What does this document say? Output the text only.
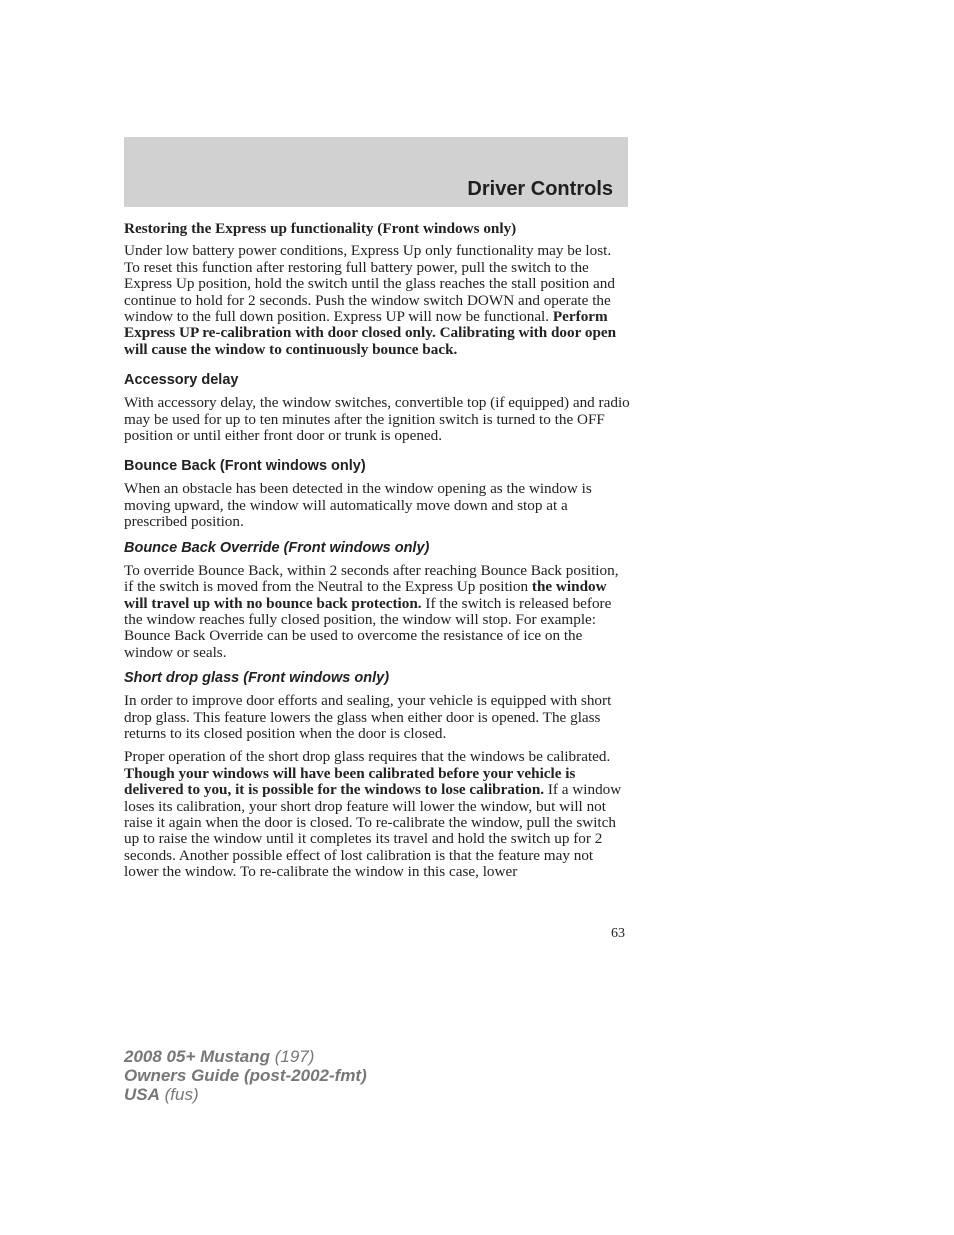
Driver Controls
Restoring the Express up functionality (Front windows only)

Under low battery power conditions, Express Up only functionality may be lost. To reset this function after restoring full battery power, pull the switch to the Express Up position, hold the switch until the glass reaches the stall position and continue to hold for 2 seconds. Push the window switch DOWN and operate the window to the full down position. Express UP will now be functional. Perform Express UP re-calibration with door closed only. Calibrating with door open will cause the window to continuously bounce back.

Accessory delay

With accessory delay, the window switches, convertible top (if equipped) and radio may be used for up to ten minutes after the ignition switch is turned to the OFF position or until either front door or trunk is opened.

Bounce Back (Front windows only)

When an obstacle has been detected in the window opening as the window is moving upward, the window will automatically move down and stop at a prescribed position.

Bounce Back Override (Front windows only)

To override Bounce Back, within 2 seconds after reaching Bounce Back position, if the switch is moved from the Neutral to the Express Up position the window will travel up with no bounce back protection. If the switch is released before the window reaches fully closed position, the window will stop. For example: Bounce Back Override can be used to overcome the resistance of ice on the window or seals.

Short drop glass (Front windows only)

In order to improve door efforts and sealing, your vehicle is equipped with short drop glass. This feature lowers the glass when either door is opened. The glass returns to its closed position when the door is closed.

Proper operation of the short drop glass requires that the windows be calibrated. Though your windows will have been calibrated before your vehicle is delivered to you, it is possible for the windows to lose calibration. If a window loses its calibration, your short drop feature will lower the window, but will not raise it again when the door is closed. To re-calibrate the window, pull the switch up to raise the window until it completes its travel and hold the switch up for 2 seconds. Another possible effect of lost calibration is that the feature may not lower the window. To re-calibrate the window in this case, lower

63
2008 05+ Mustang (197)
Owners Guide (post-2002-fmt)
USA (fus)
